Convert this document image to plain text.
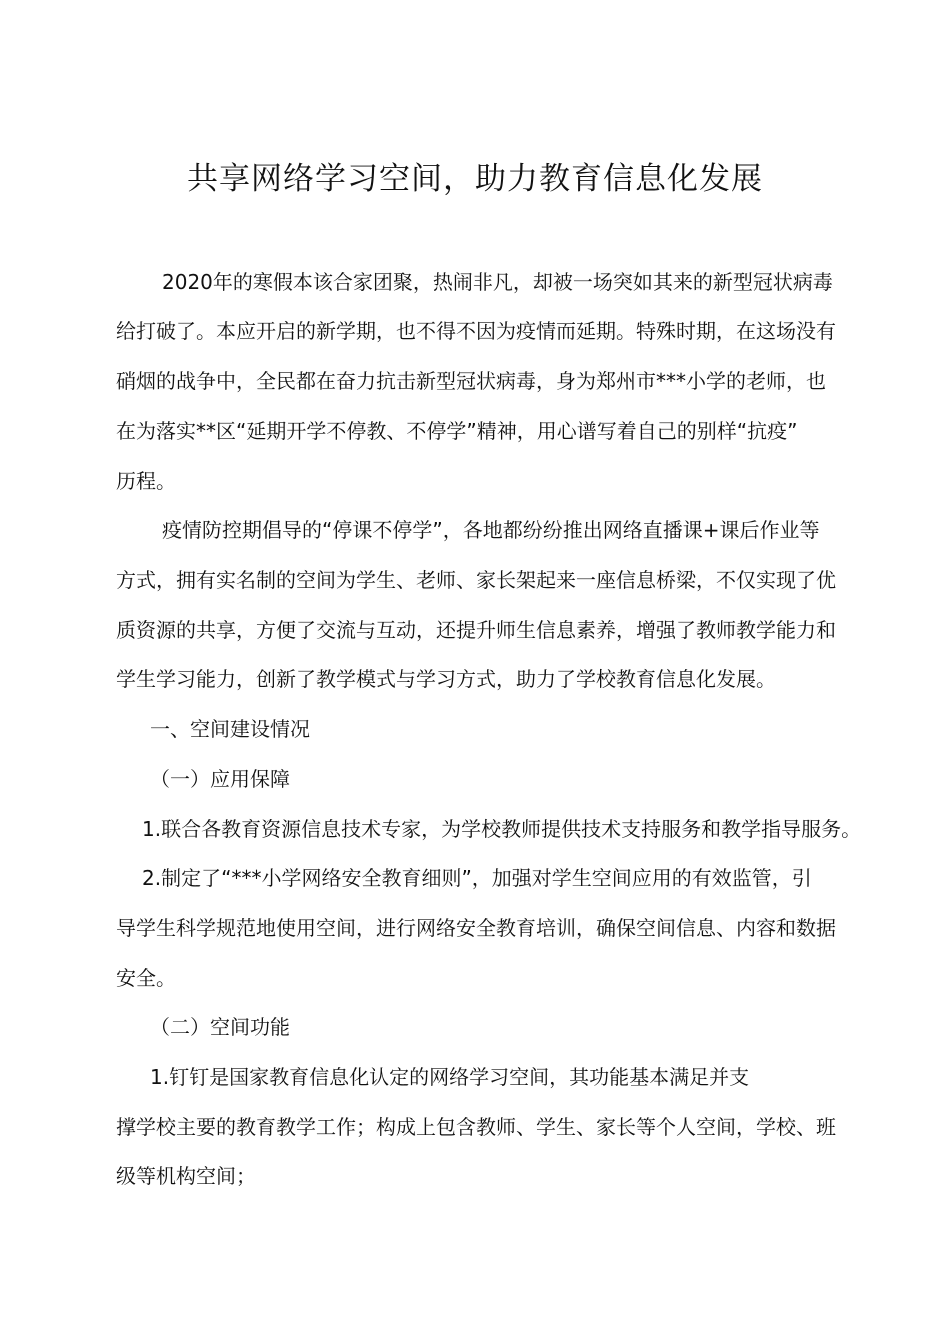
共享网络学习空间，助力教育信息化发展

2020年的寒假本该合家团聚，热闹非凡，却被一场突如其来的新型冠状病毒

给打破了。本应开启的新学期，也不得不因为疫情而延期。特殊时期，在这场没有

硝烟的战争中，全民都在奋力抗击新型冠状病毒，身为郑州市***小学的老师，也

在为落实**区“延期开学不停教、不停学”精神，用心谱写着自己的别样“抗疫”

历程。

疫情防控期倡导的“停课不停学”，各地都纷纷推出网络直播课+课后作业等

方式，拥有实名制的空间为学生、老师、家长架起来一座信息桥梁，不仅实现了优

质资源的共享，方便了交流与互动，还提升师生信息素养，增强了教师教学能力和

学生学习能力，创新了教学模式与学习方式，助力了学校教育信息化发展。

一、空间建设情况

（一）应用保障

1.联合各教育资源信息技术专家，为学校教师提供技术支持服务和教学指导服务。

2.制定了“***小学网络安全教育细则”，加强对学生空间应用的有效监管，引

导学生科学规范地使用空间，进行网络安全教育培训，确保空间信息、内容和数据

安全。

（二）空间功能

1.钉钉是国家教育信息化认定的网络学习空间，其功能基本满足并支

撑学校主要的教育教学工作；构成上包含教师、学生、家长等个人空间，学校、班

级等机构空间；
